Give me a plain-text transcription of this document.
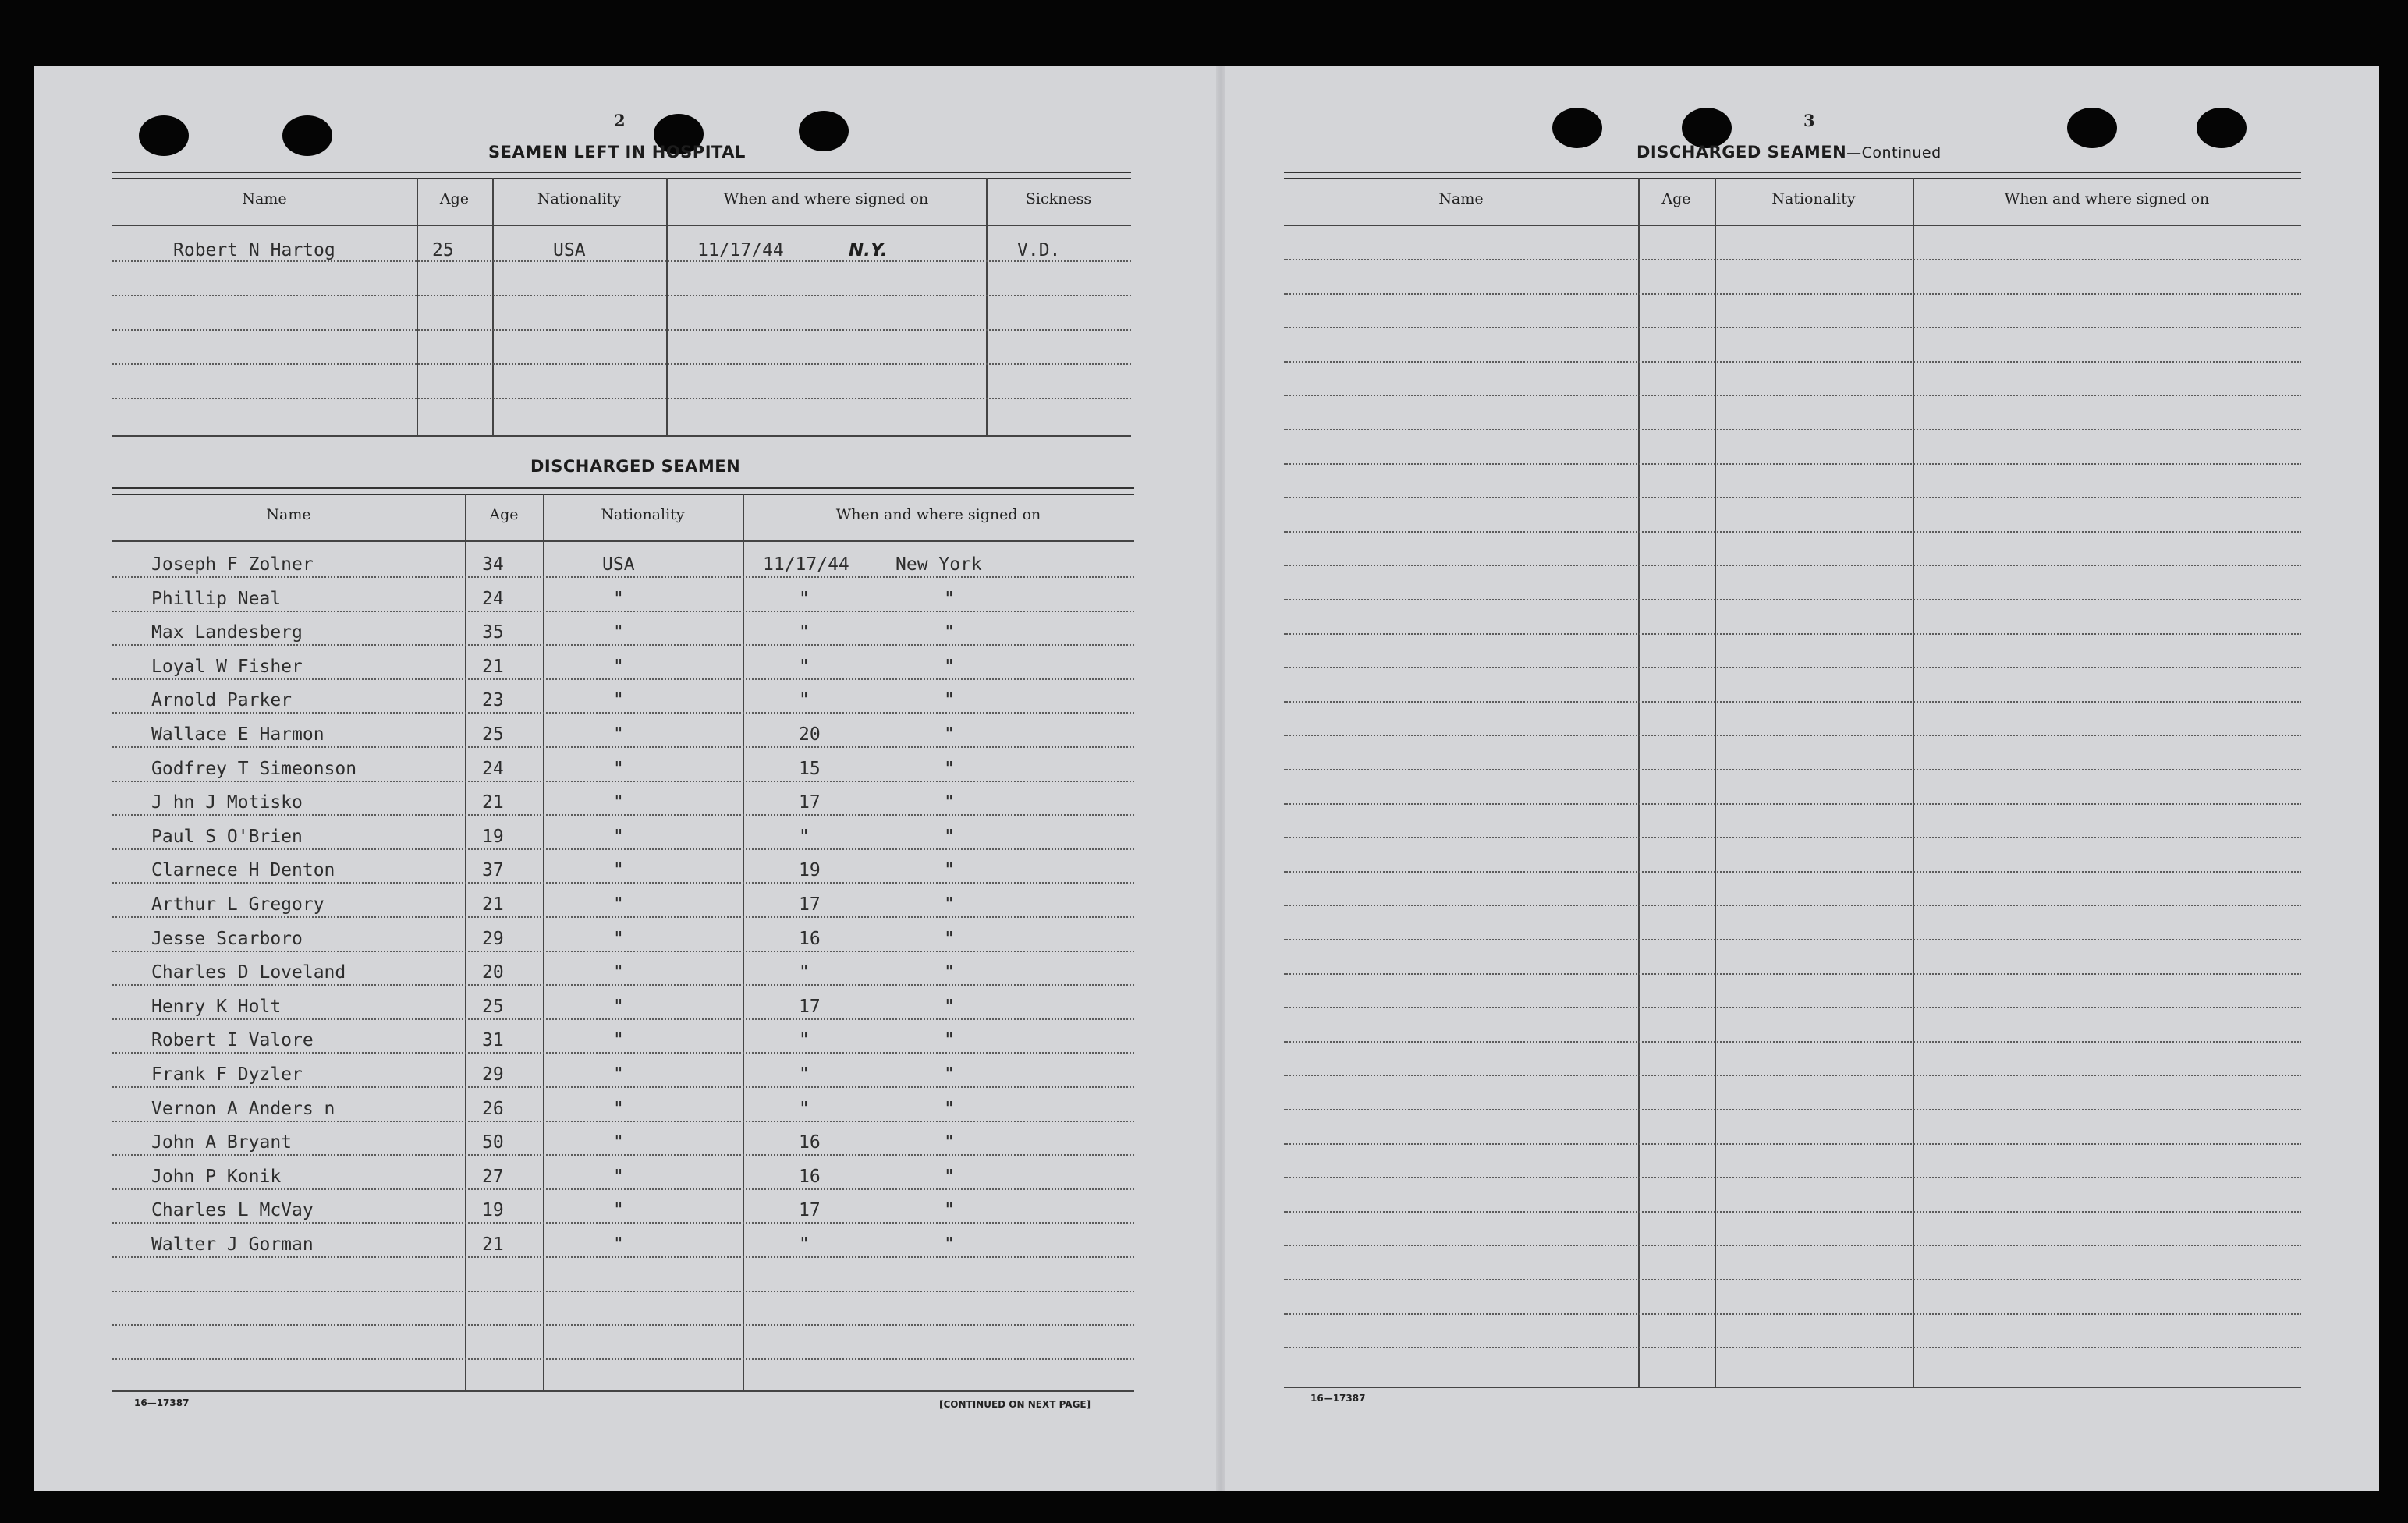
2
SEAMEN LEFT IN HOSPITAL
Name	Age	Nationality	When and where signed on	Sickness
Robert N Hartog	25	USA	11/17/44	N.Y.	V.D.
DISCHARGED SEAMEN
Name	Age	Nationality	When and where signed on
Joseph F Zolner	34	USA	11/17/44	New York
Phillip Neal	24	"	"	"
Max Landesberg	35	"	"	"
Loyal W Fisher	21	"	"	"
Arnold Parker	23	"	"	"
Wallace E Harmon	25	"	20	"
Godfrey T Simeonson	24	"	15	"
J hn J Motisko	21	"	17	"
Paul S O'Brien	19	"	"	"
Clarnece H Denton	37	"	19	"
Arthur L Gregory	21	"	17	"
Jesse Scarboro	29	"	16	"
Charles D Loveland	20	"	"	"
Henry K Holt	25	"	17	"
Robert I Valore	31	"	"	"
Frank F Dyzler	29	"	"	"
Vernon A Anders n	26	"	"	"
John A Bryant	50	"	16	"
John P Konik	27	"	16	"
Charles L McVay	19	"	17	"
Walter J Gorman	21	"	"	"
16—17387	[CONTINUED ON NEXT PAGE]
3
DISCHARGED SEAMEN—Continued
Name	Age	Nationality	When and where signed on
16—17387
